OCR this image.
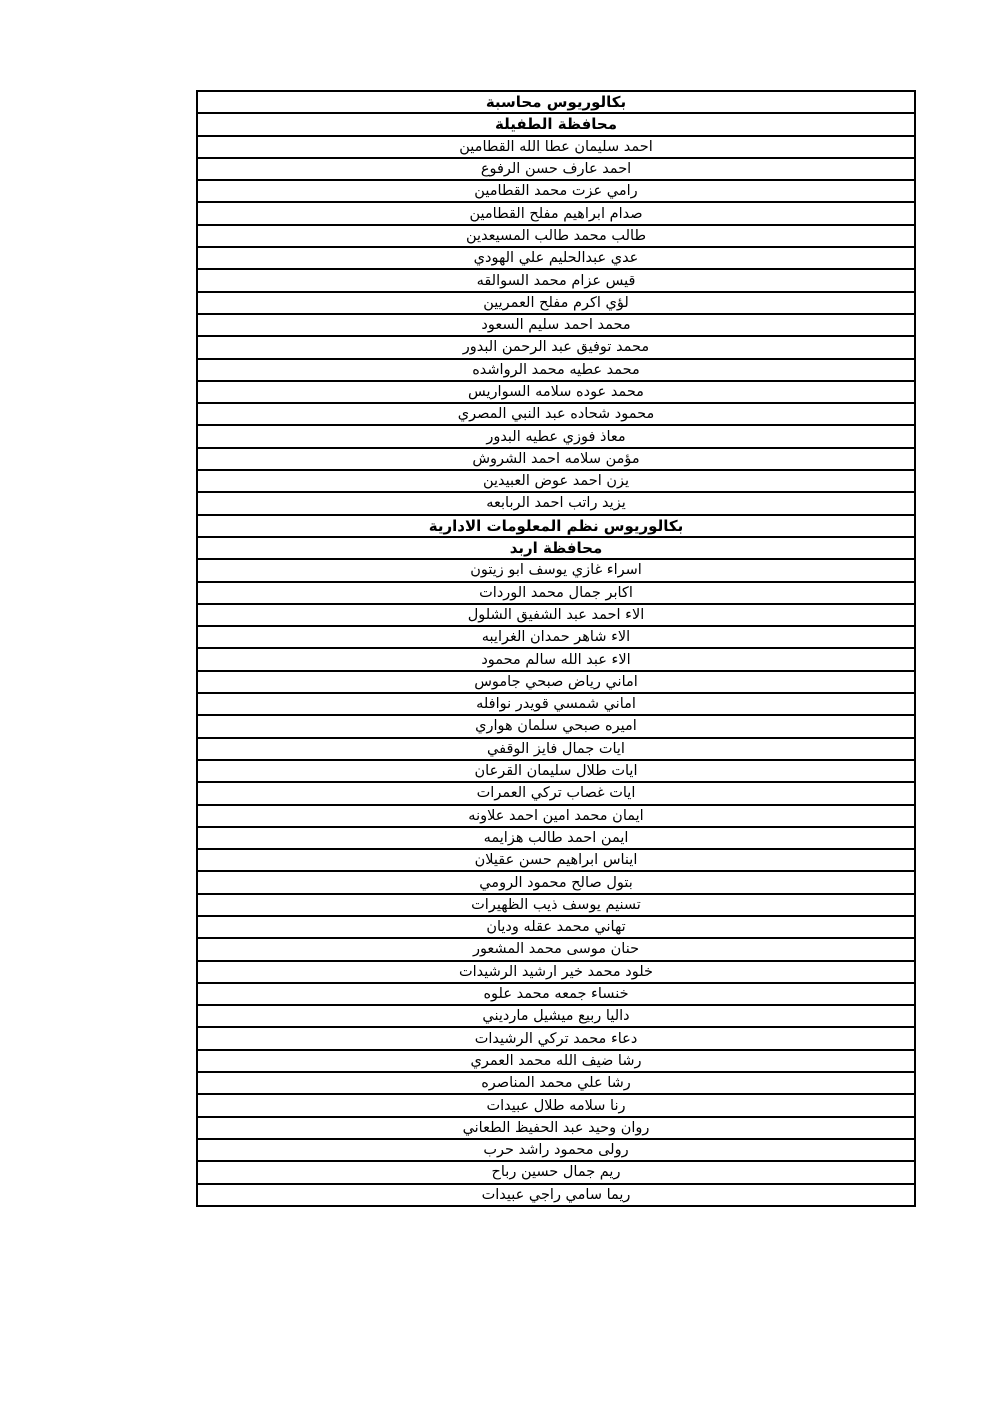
بكالوريوس محاسبة
محافظة الطفيلة
احمد سليمان عطا الله القطامين
احمد عارف حسن الرفوع
رامي عزت محمد القطامين
صدام ابراهيم مفلح القطامين
طالب محمد طالب المسيعدين
عدي عبدالحليم علي الهودي
قيس عزام محمد السوالقه
لؤي اكرم مفلح العمريين
محمد احمد سليم السعود
محمد توفيق عبد الرحمن البدور
محمد عطيه محمد الرواشده
محمد عوده سلامه السواريس
محمود شحاده عبد النبي المصري
معاذ فوزي عطيه البدور
مؤمن سلامه احمد الشروش
يزن احمد عوض العبيدين
يزيد راتب احمد الربابعه
بكالوريوس نظم المعلومات الادارية
محافظة اربد
اسراء غازي يوسف ابو زيتون
اكابر جمال محمد الوردات
الاء احمد عبد الشفيق الشلول
الاء شاهر حمدان الغرايبه
الاء عبد الله سالم محمود
اماني رياض صبحي جاموس
اماني شمسي قويدر نوافله
اميره صبحي سلمان هواري
ايات جمال فايز الوقفي
ايات طلال سليمان القرعان
ايات غصاب تركي العمرات
ايمان محمد امين احمد علاونه
ايمن احمد طالب هزايمه
ايناس ابراهيم حسن عقيلان
بتول صالح محمود الرومي
تسنيم يوسف ذيب الظهيرات
تهاني محمد عقله وديان
حنان موسى محمد المشعور
خلود محمد خير ارشيد الرشيدات
خنساء جمعه محمد علوه
داليا ربيع ميشيل مارديني
دعاء محمد تركي الرشيدات
رشا ضيف الله محمد العمري
رشا علي محمد المناصره
رنا سلامه طلال عبيدات
روان وحيد عبد الحفيظ الطعاني
رولى محمود راشد حرب
ريم جمال حسين رباح
ريما سامي راجي عبيدات
